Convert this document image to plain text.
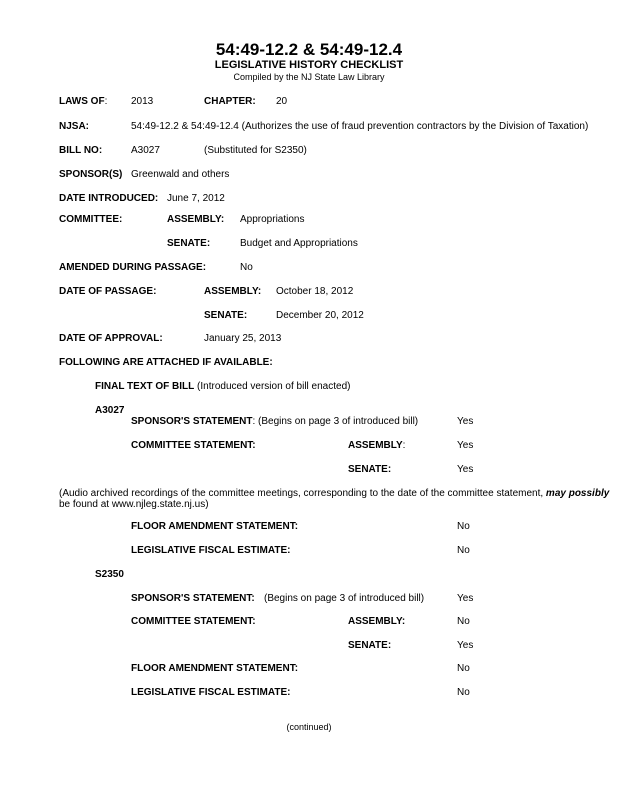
54:49-12.2 & 54:49-12.4
LEGISLATIVE HISTORY CHECKLIST
Compiled by the NJ State Law Library
LAWS OF: 2013	CHAPTER: 20
NJSA:	54:49-12.2 & 54:49-12.4 (Authorizes the use of fraud prevention contractors by the Division of Taxation)
BILL NO:	A3027	(Substituted for S2350)
SPONSOR(S) Greenwald and others
DATE INTRODUCED: June 7, 2012
COMMITTEE:	ASSEMBLY: Appropriations
SENATE:	Budget and Appropriations
AMENDED DURING PASSAGE:	No
DATE OF PASSAGE:	ASSEMBLY: October 18, 2012
SENATE:	December 20, 2012
DATE OF APPROVAL:	January 25, 2013
FOLLOWING ARE ATTACHED IF AVAILABLE:
FINAL TEXT OF BILL (Introduced version of bill enacted)
A3027
SPONSOR'S STATEMENT: (Begins on page 3 of introduced bill)	Yes
COMMITTEE STATEMENT:	ASSEMBLY:	Yes
SENATE:	Yes
(Audio archived recordings of the committee meetings, corresponding to the date of the committee statement, may possibly
be found at www.njleg.state.nj.us)
FLOOR AMENDMENT STATEMENT:	No
LEGISLATIVE FISCAL ESTIMATE:	No
S2350
SPONSOR'S STATEMENT: (Begins on page 3 of introduced bill)	Yes
COMMITTEE STATEMENT:	ASSEMBLY:	No
SENATE:	Yes
FLOOR AMENDMENT STATEMENT:	No
LEGISLATIVE FISCAL ESTIMATE:	No
(continued)
